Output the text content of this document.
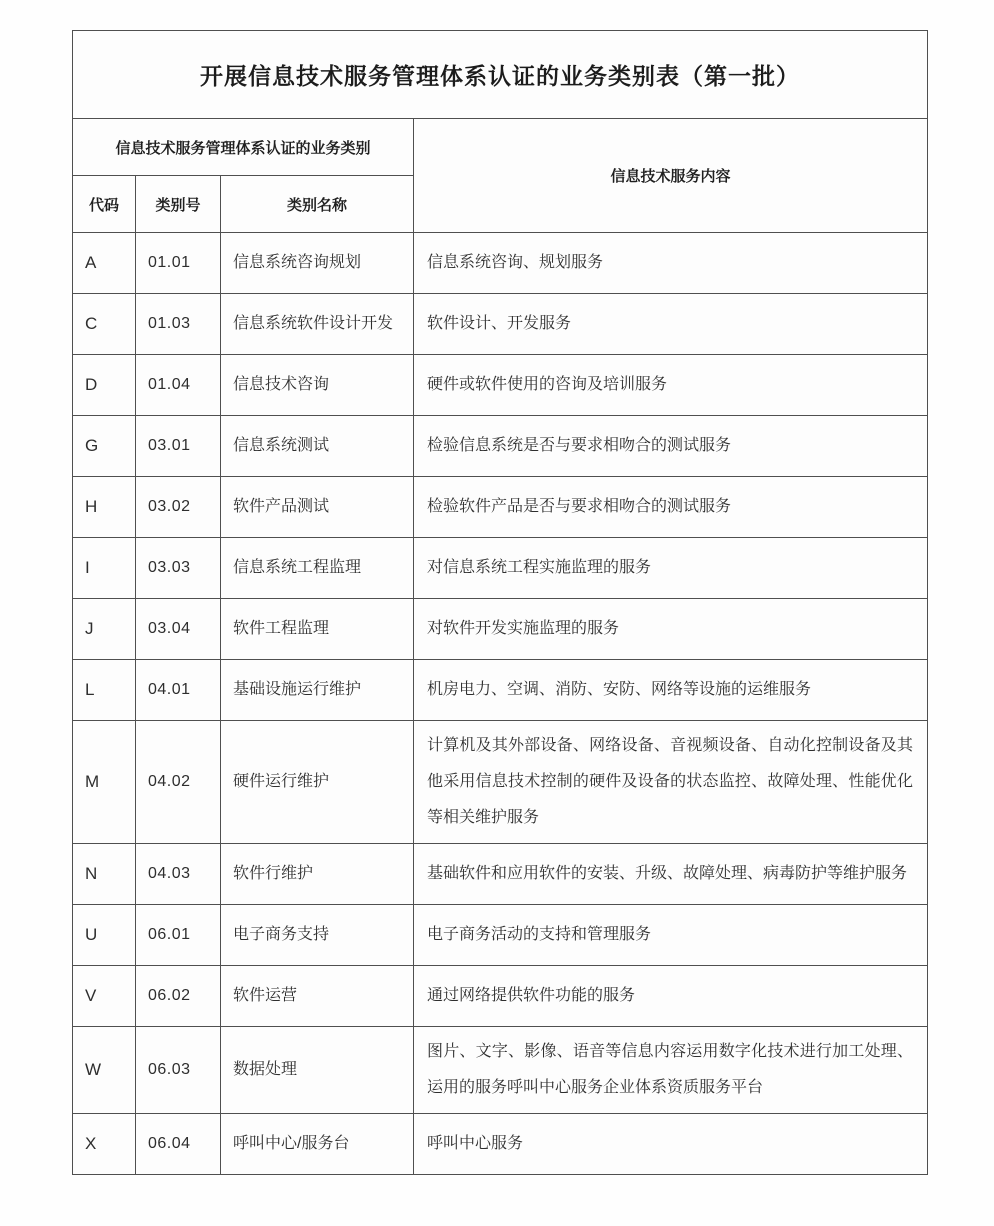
开展信息技术服务管理体系认证的业务类别表（第一批）			
信息技术服务管理体系认证的业务类别			信息技术服务内容
代码	类别号	类别名称	
A	01.01	信息系统咨询规划	信息系统咨询、规划服务
C	01.03	信息系统软件设计开发	软件设计、开发服务
D	01.04	信息技术咨询	硬件或软件使用的咨询及培训服务
G	03.01	信息系统测试	检验信息系统是否与要求相吻合的测试服务
H	03.02	软件产品测试	检验软件产品是否与要求相吻合的测试服务
I	03.03	信息系统工程监理	对信息系统工程实施监理的服务
J	03.04	软件工程监理	对软件开发实施监理的服务
L	04.01	基础设施运行维护	机房电力、空调、消防、安防、网络等设施的运维服务
M	04.02	硬件运行维护	计算机及其外部设备、网络设备、音视频设备、自动化控制设备及其他采用信息技术控制的硬件及设备的状态监控、故障处理、性能优化等相关维护服务
N	04.03	软件行维护	基础软件和应用软件的安装、升级、故障处理、病毒防护等维护服务
U	06.01	电子商务支持	电子商务活动的支持和管理服务
V	06.02	软件运营	通过网络提供软件功能的服务
W	06.03	数据处理	图片、文字、影像、语音等信息内容运用数字化技术进行加工处理、运用的服务呼叫中心服务企业体系资质服务平台
X	06.04	呼叫中心/服务台	呼叫中心服务
